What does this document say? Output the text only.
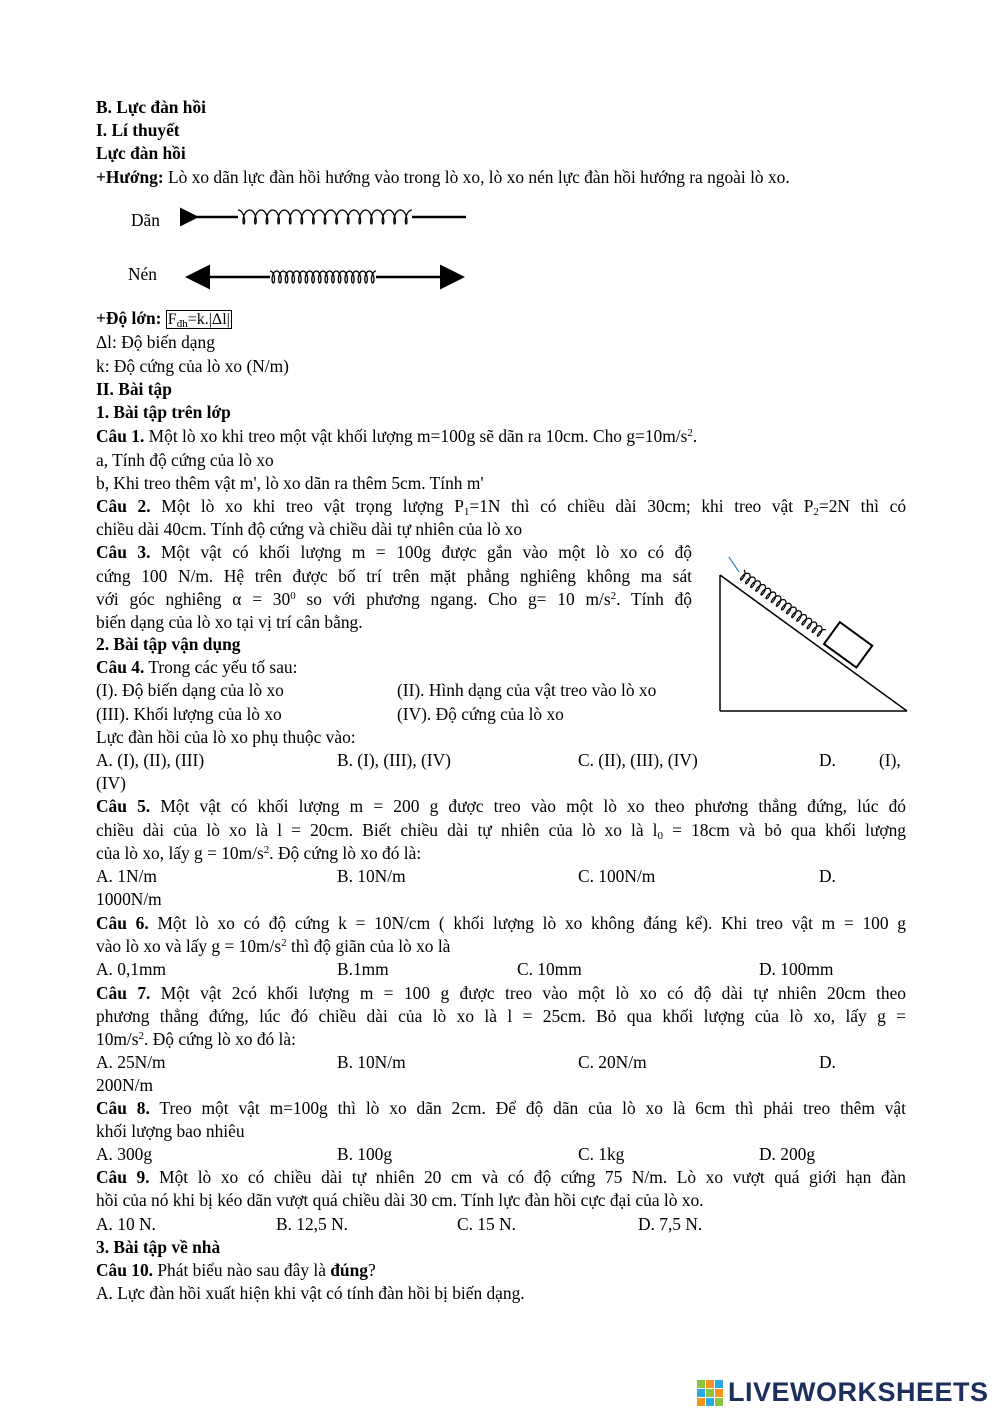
B. Lực đàn hồi
I. Lí thuyết
Lực đàn hồi
+Hướng: Lò xo dãn lực đàn hồi hướng vào trong lò xo, lò xo nén lực đàn hồi hướng ra ngoài lò xo.
Dãn
Nén
+Độ lớn: $F_{đh}=k.|\Delta l|$
Δl: Độ biến dạng
k: Độ cứng của lò xo (N/m)
II. Bài tập
1. Bài tập trên lớp
Câu 1. Một lò xo khi treo một vật khối lượng m=100g sẽ dãn ra 10cm. Cho $g=10m/s^2$.
a, Tính độ cứng của lò xo
b, Khi treo thêm vật m', lò xo dãn ra thêm 5cm. Tính m'
Câu 2. Một lò xo khi treo vật trọng lượng $P_1=1N$ thì có chiều dài 30cm; khi treo vật $P_2=2N$ thì có
chiều dài 40cm. Tính độ cứng và chiều dài tự nhiên của lò xo
Câu 3. Một vật có khối lượng m = 100g được gắn vào một lò xo có độ
cứng 100 N/m. Hệ trên được bố trí trên mặt phẳng nghiêng không ma sát
với góc nghiêng $\alpha = 30^0$ so với phương ngang. Cho g= 10 $m/s^2$. Tính độ
biến dạng của lò xo tại vị trí cân bằng.
2. Bài tập vận dụng
Câu 4. Trong các yếu tố sau:
(I). Độ biến dạng của lò xo	(II). Hình dạng của vật treo vào lò xo
(III). Khối lượng của lò xo	(IV). Độ cứng của lò xo
Lực đàn hồi của lò xo phụ thuộc vào:
A. (I), (II), (III)	B. (I), (III), (IV)	C. (II), (III), (IV)	D. (I),
(IV)
Câu 5. Một vật có khối lượng m = 200 g được treo vào một lò xo theo phương thẳng đứng, lúc đó
chiều dài của lò xo là l = 20cm. Biết chiều dài tự nhiên của lò xo là $l_0 = 18cm$ và bỏ qua khối lượng
của lò xo, lấy $g = 10m/s^2$. Độ cứng lò xo đó là:
A. 1N/m	B. 10N/m	C. 100N/m	D.
1000N/m
Câu 6. Một lò xo có độ cứng k = 10N/cm ( khối lượng lò xo không đáng kể). Khi treo vật m = 100 g
vào lò xo và lấy $g = 10m/s^2$ thì độ giãn của lò xo là
A. 0,1mm	B.1mm	C. 10mm	D. 100mm
Câu 7. Một vật 2có khối lượng m = 100 g được treo vào một lò xo có độ dài tự nhiên 20cm theo
phương thẳng đứng, lúc đó chiều dài của lò xo là l = 25cm. Bỏ qua khối lượng của lò xo, lấy g =
$10m/s^2$. Độ cứng lò xo đó là:
A. 25N/m	B. 10N/m	C. 20N/m	D.
200N/m
Câu 8. Treo một vật m=100g thì lò xo dãn 2cm. Để độ dãn của lò xo là 6cm thì phải treo thêm vật
khối lượng bao nhiêu
A. 300g	B. 100g	C. 1kg	D. 200g
Câu 9. Một lò xo có chiều dài tự nhiên 20 cm và có độ cứng 75 N/m. Lò xo vượt quá giới hạn đàn
hồi của nó khi bị kéo dãn vượt quá chiều dài 30 cm. Tính lực đàn hồi cực đại của lò xo.
A. 10 N.	B. 12,5 N.	C. 15 N.	D. 7,5 N.
3. Bài tập về nhà
Câu 10. Phát biểu nào sau đây là đúng?
A. Lực đàn hồi xuất hiện khi vật có tính đàn hồi bị biến dạng.
LIVEWORKSHEETS
